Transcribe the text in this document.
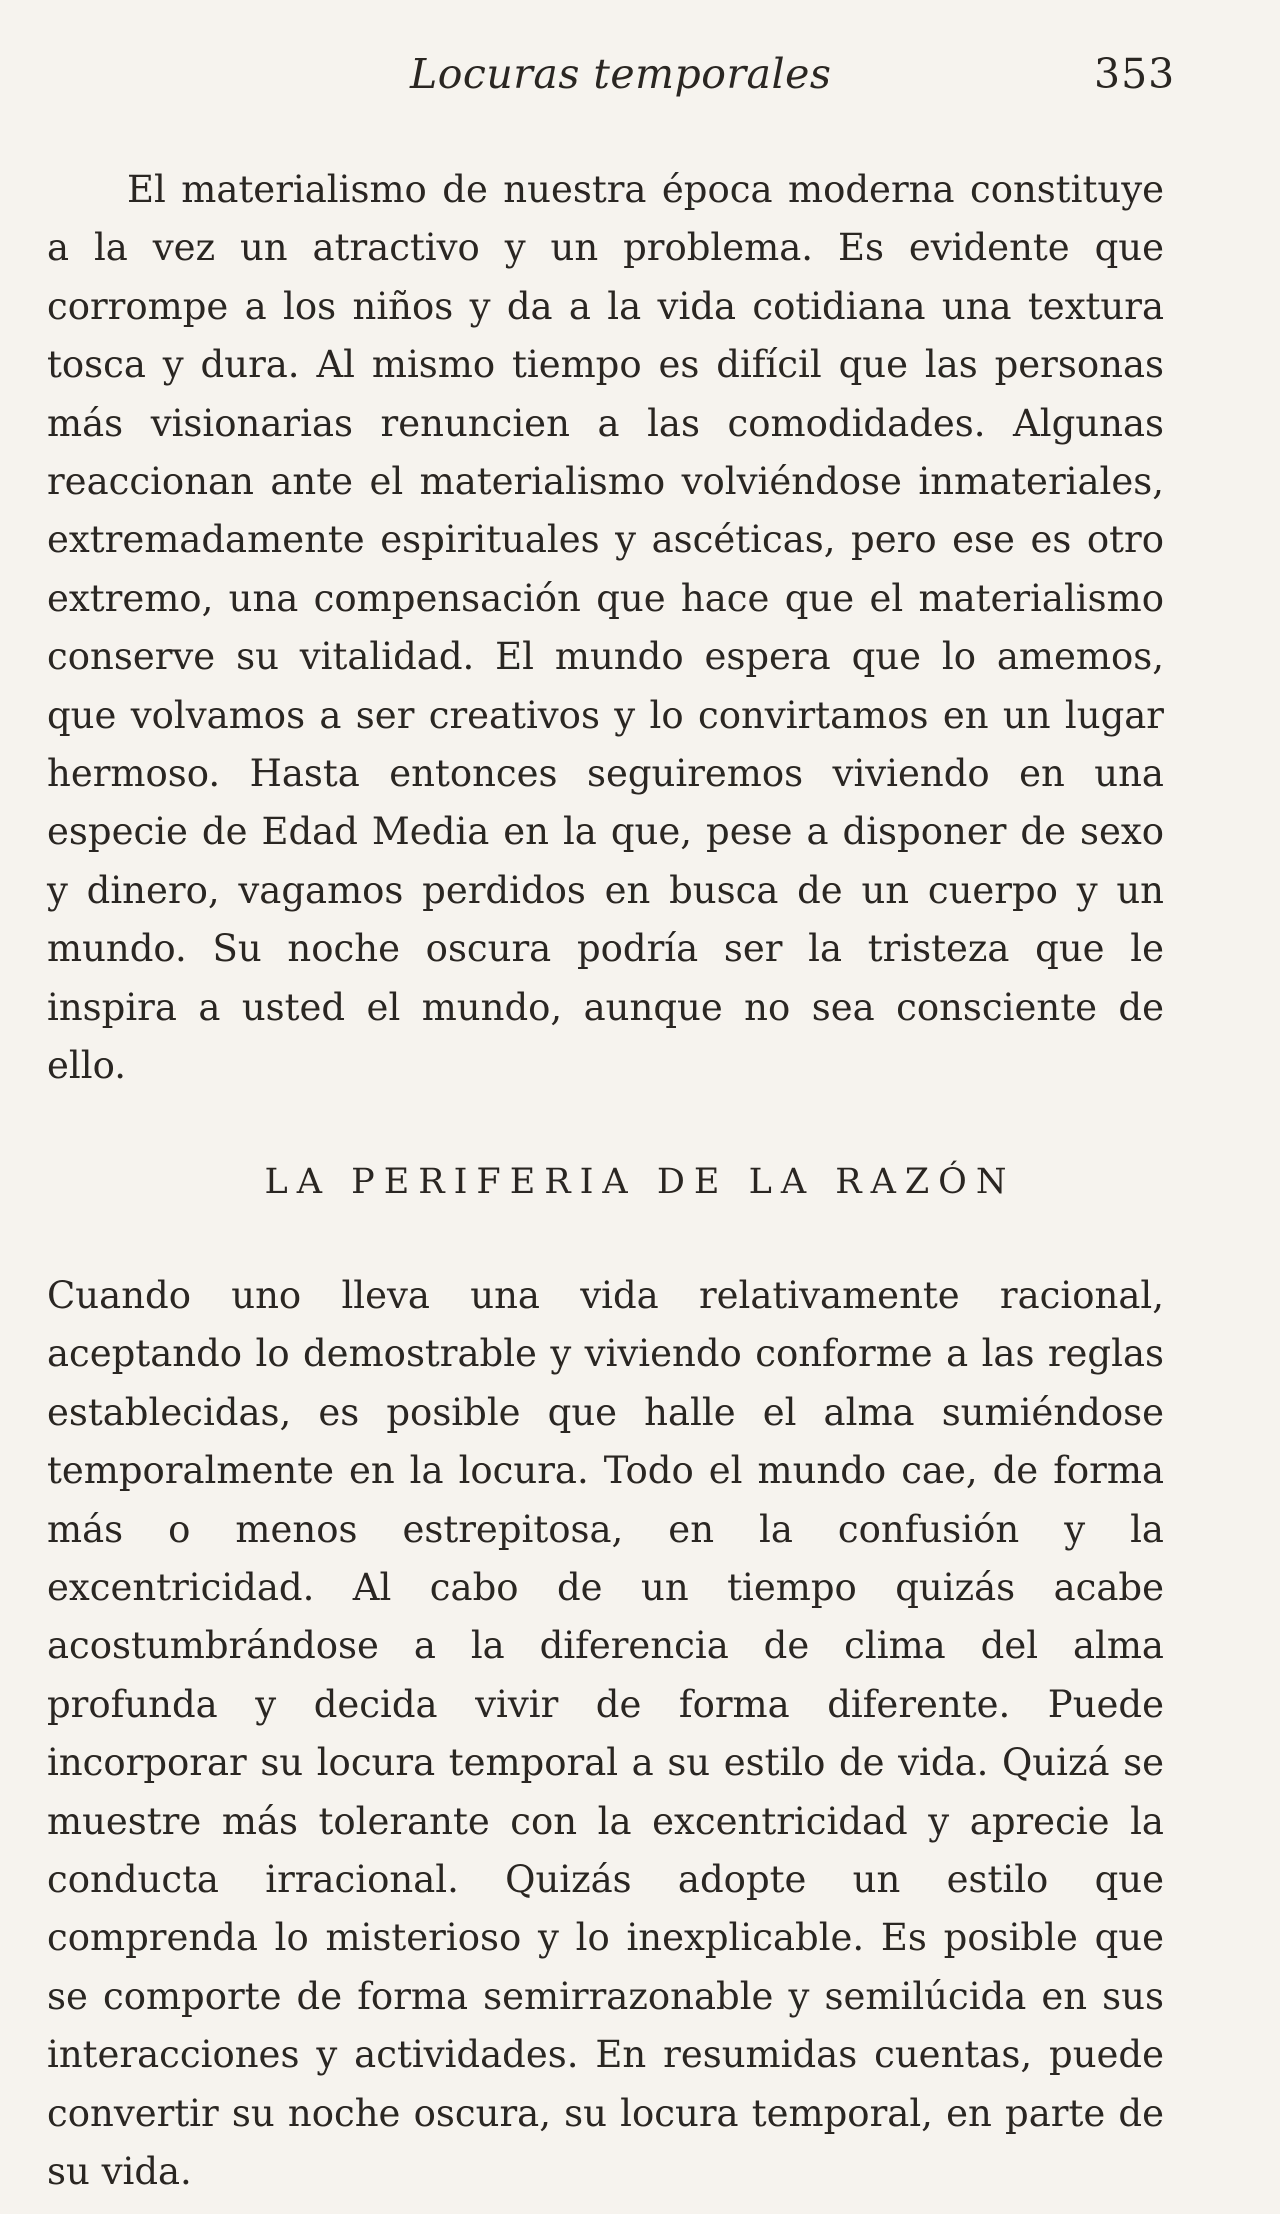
Locuras temporales	353

El materialismo de nuestra época moderna constituye a la vez un atractivo y un problema. Es evidente que corrompe a los niños y da a la vida cotidiana una textura tosca y dura. Al mismo tiempo es difícil que las personas más visionarias renuncien a las comodidades. Algunas reaccionan ante el materialismo volviéndose inmateriales, extremadamente espirituales y ascéticas, pero ese es otro extremo, una compensación que hace que el materialismo conserve su vitalidad. El mundo espera que lo amemos, que volvamos a ser creativos y lo convirtamos en un lugar hermoso. Hasta entonces seguiremos viviendo en una especie de Edad Media en la que, pese a disponer de sexo y dinero, vagamos perdidos en busca de un cuerpo y un mundo. Su noche oscura podría ser la tristeza que le inspira a usted el mundo, aunque no sea consciente de ello.

LA PERIFERIA DE LA RAZÓN

Cuando uno lleva una vida relativamente racional, aceptando lo demostrable y viviendo conforme a las reglas establecidas, es posible que halle el alma sumiéndose temporalmente en la locura. Todo el mundo cae, de forma más o menos estrepitosa, en la confusión y la excentricidad. Al cabo de un tiempo quizás acabe acostumbrándose a la diferencia de clima del alma profunda y decida vivir de forma diferente. Puede incorporar su locura temporal a su estilo de vida. Quizá se muestre más tolerante con la excentricidad y aprecie la conducta irracional. Quizás adopte un estilo que comprenda lo misterioso y lo inexplicable. Es posible que se comporte de forma semirrazonable y semilúcida en sus interacciones y actividades. En resumidas cuentas, puede convertir su noche oscura, su locura temporal, en parte de su vida.
